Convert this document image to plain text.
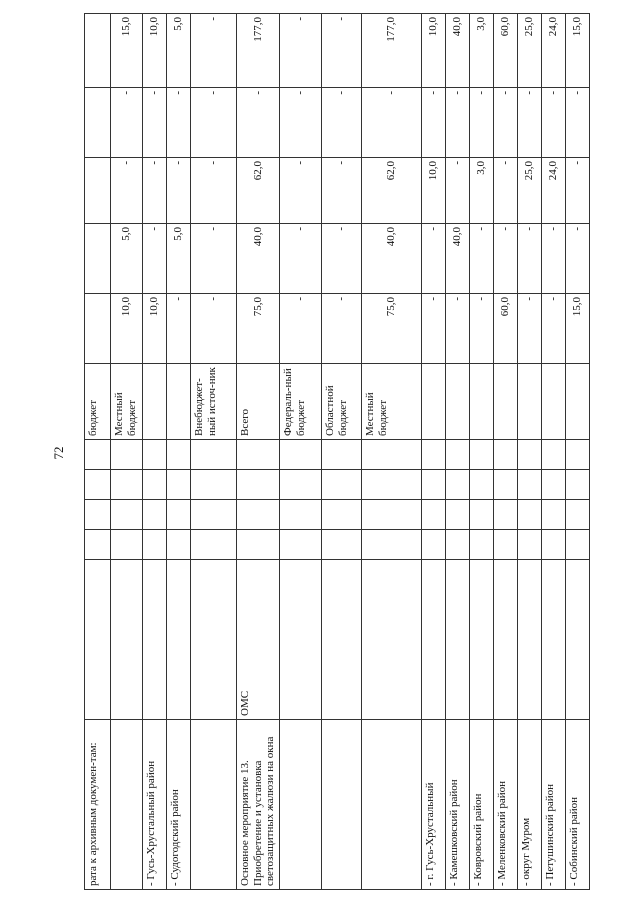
72
рата к архивным докумен-там:						бюджет					
						Местный бюджет	10,0	5,0	-	-	15,0
- Гусь-Хрустальный район							10,0	-	-	-	10,0
- Судогодский район							-	5,0	-	-	5,0
						Внебюджет-ный источ-ник	-	-	-	-	-
Основное мероприятие 13. Приобретение и установка светозащитных жалюзи на окна	ОМС					Всего	75,0	40,0	62,0	-	177,0
						Федераль-ный бюджет	-	-	-	-	-
						Областной бюджет	-	-	-	-	-
						Местный бюджет	75,0	40,0	62,0	-	177,0
- г. Гусь-Хрустальный							-	-	10,0	-	10,0
- Камешковский район							-	40,0	-	-	40,0
- Ковровский район							-	-	3,0	-	3,0
- Меленковский район							60,0	-	-	-	60,0
- округ Муром							-	-	25,0	-	25,0
- Петушинский район							-	-	24,0	-	24,0
- Собинский район							15,0	-	-	-	15,0
